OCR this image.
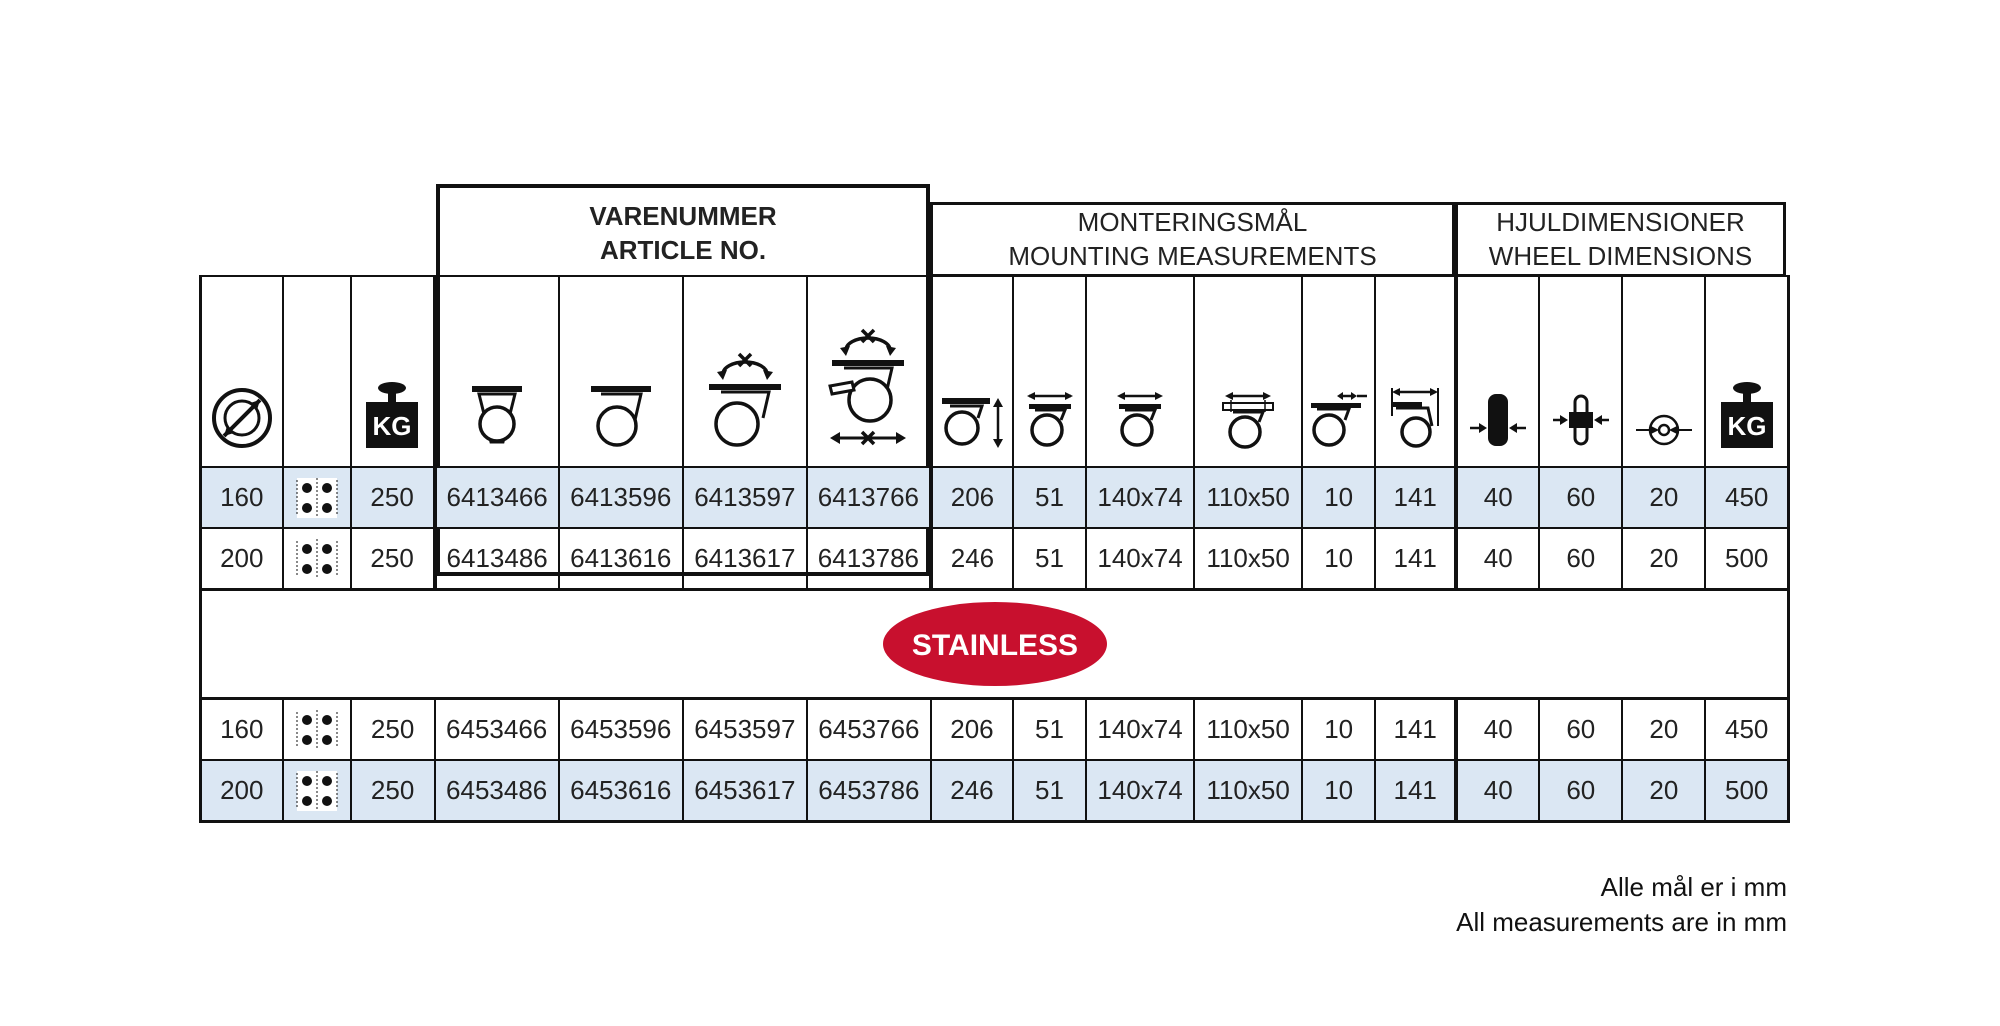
VARENUMMER
ARTICLE NO.
MONTERINGSMÅL
MOUNTING MEASUREMENTS
HJULDIMENSIONER
WHEEL DIMENSIONS

KG														KG

160		250	6413466	6413596	6413597	6413766	206	51	140x74	110x50	10	141	40	60	20	450
200		250	6413486	6413616	6413617	6413786	246	51	140x74	110x50	10	141	40	60	20	500

STAINLESS																

160		250	6453466	6453596	6453597	6453766	206	51	140x74	110x50	10	141	40	60	20	450
200		250	6453486	6453616	6453617	6453786	246	51	140x74	110x50	10	141	40	60	20	500
Alle mål er i mm
All measurements are in mm
